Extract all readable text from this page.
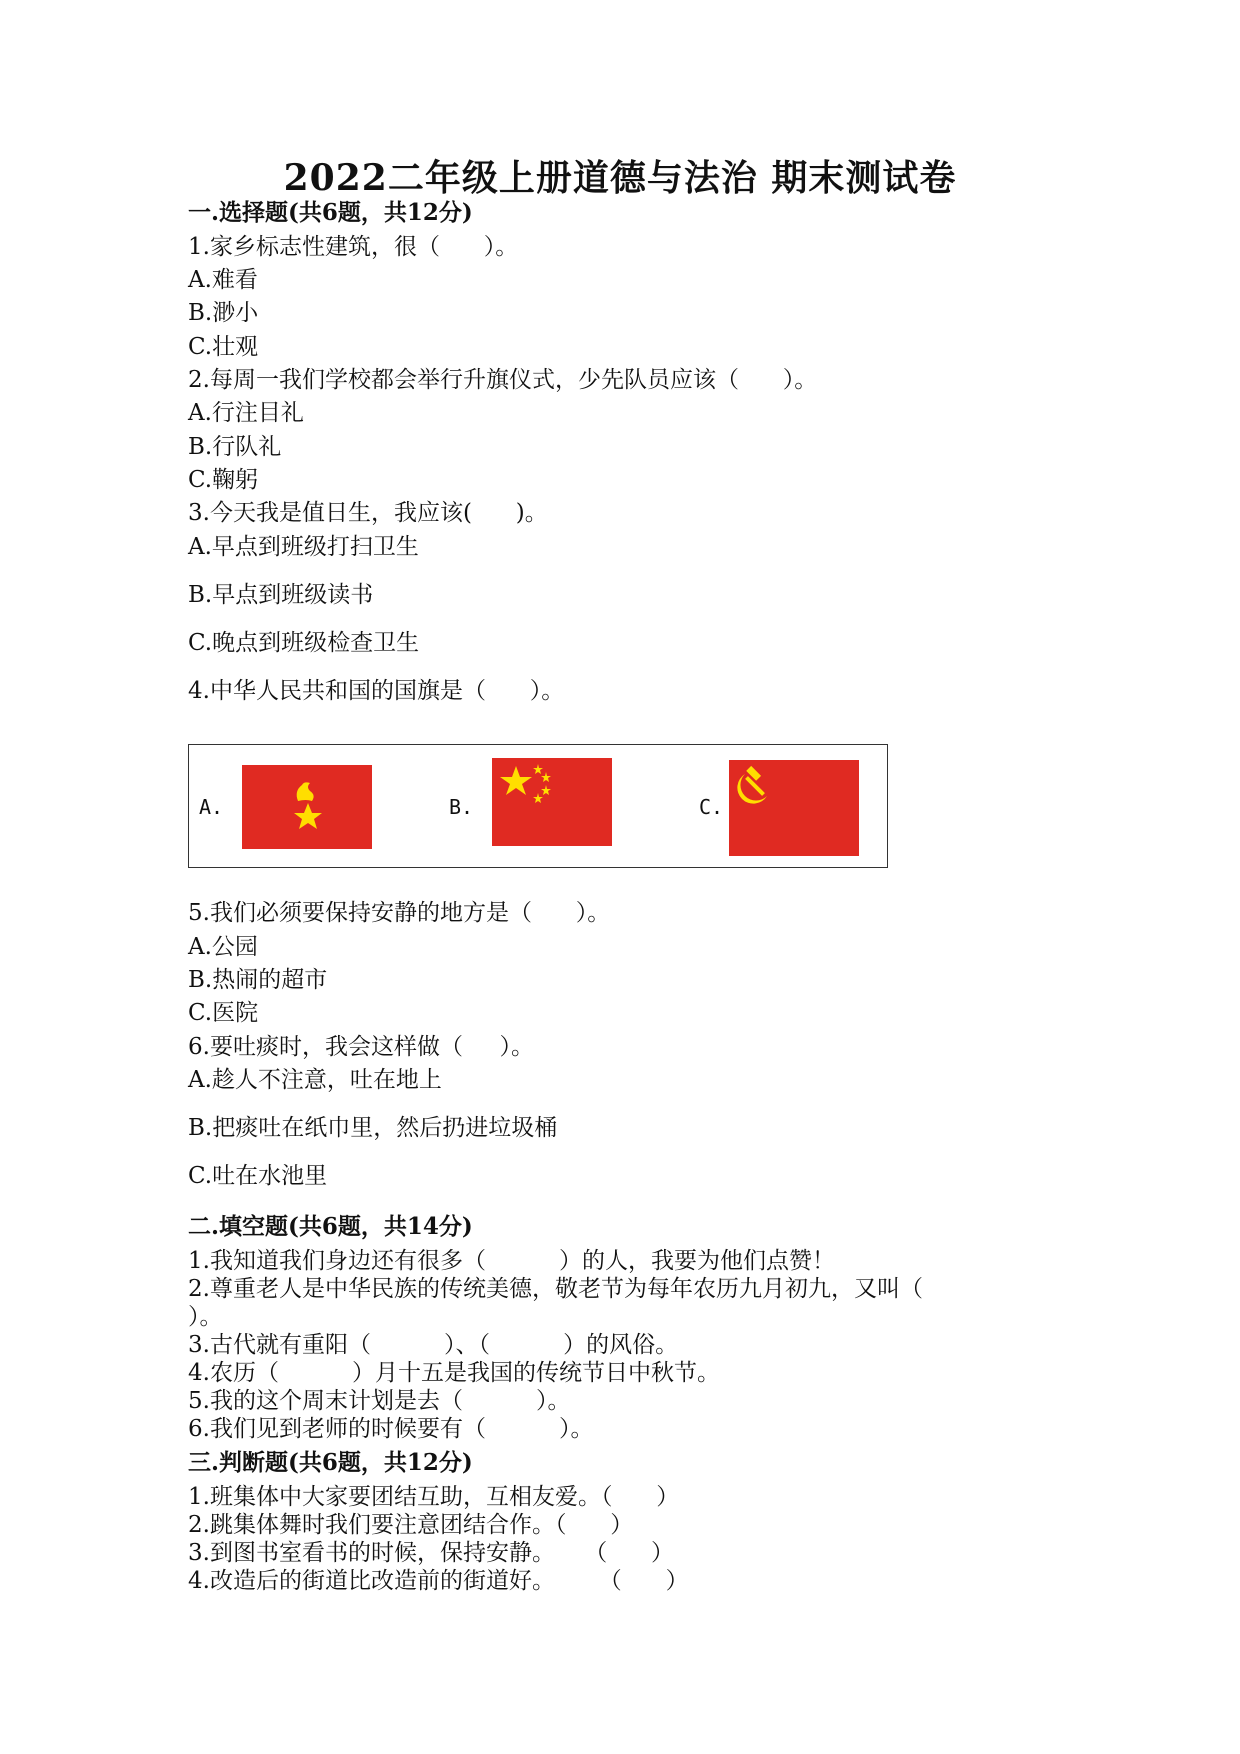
2022二年级上册道德与法治 期末测试卷
一.选择题(共6题，共12分)
1.家乡标志性建筑，很（      ）。
A.难看
B.渺小
C.壮观
2.每周一我们学校都会举行升旗仪式，少先队员应该（      ）。
A.行注目礼
B.行队礼
C.鞠躬
3.今天我是值日生，我应该(      )。
A.早点到班级打扫卫生
B.早点到班级读书
C.晚点到班级检查卫生
4.中华人民共和国的国旗是（      ）。
A.	B.	C.
5.我们必须要保持安静的地方是（      ）。
A.公园
B.热闹的超市
C.医院
6.要吐痰时，我会这样做（     ）。
A.趁人不注意，吐在地上
B.把痰吐在纸巾里，然后扔进垃圾桶
C.吐在水池里
二.填空题(共6题，共14分)
1.我知道我们身边还有很多（          ）的人，我要为他们点赞！
2.尊重老人是中华民族的传统美德，敬老节为每年农历九月初九，又叫（
）。
3.古代就有重阳（          ）、（          ）的风俗。
4.农历（          ）月十五是我国的传统节日中秋节。
5.我的这个周末计划是去（          ）。
6.我们见到老师的时候要有（          ）。
三.判断题(共6题，共12分)
1.班集体中大家要团结互助，互相友爱。（      ）
2.跳集体舞时我们要注意团结合作。（      ）
3.到图书室看书的时候，保持安静。    （      ）
4.改造后的街道比改造前的街道好。      （      ）
